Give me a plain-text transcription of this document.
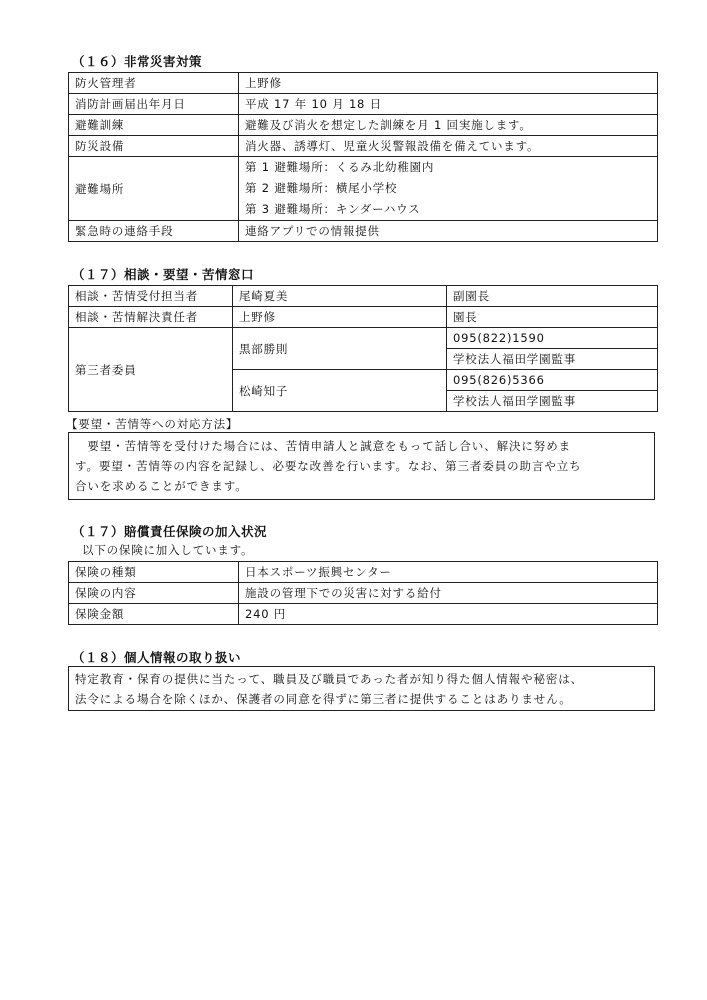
（１６）非常災害対策
防火管理者	上野修
消防計画届出年月日	平成 17 年 10 月 18 日
避難訓練	避難及び消火を想定した訓練を月 1 回実施します。
防災設備	消火器、誘導灯、児童火災警報設備を備えています。
避難場所	第 1 避難場所：くるみ北幼稚園内
第 2 避難場所：横尾小学校
第 3 避難場所：キンダーハウス

緊急時の連絡手段	連絡アプリでの情報提供
（１７）相談・要望・苦情窓口
相談・苦情受付担当者	尾崎夏美	副園長
相談・苦情解決責任者	上野修	園長
第三者委員	黒部勝則	095(822)1590
		学校法人福田学園監事
	松崎知子	095(826)5366
		学校法人福田学園監事
【要望・苦情等への対応方法】

　要望・苦情等を受付けた場合には、苦情申請人と誠意をもって話し合い、解決に努めま

す。要望・苦情等の内容を記録し、必要な改善を行います。なお、第三者委員の助言や立ち

合いを求めることができます。

（１７）賠償責任保険の加入状況
以下の保険に加入しています。
保険の種類	日本スポーツ振興センター
保険の内容	施設の管理下での災害に対する給付
保険金額	240 円
（１８）個人情報の取り扱い

特定教育・保育の提供に当たって、職員及び職員であった者が知り得た個人情報や秘密は、

法令による場合を除くほか、保護者の同意を得ずに第三者に提供することはありません。
